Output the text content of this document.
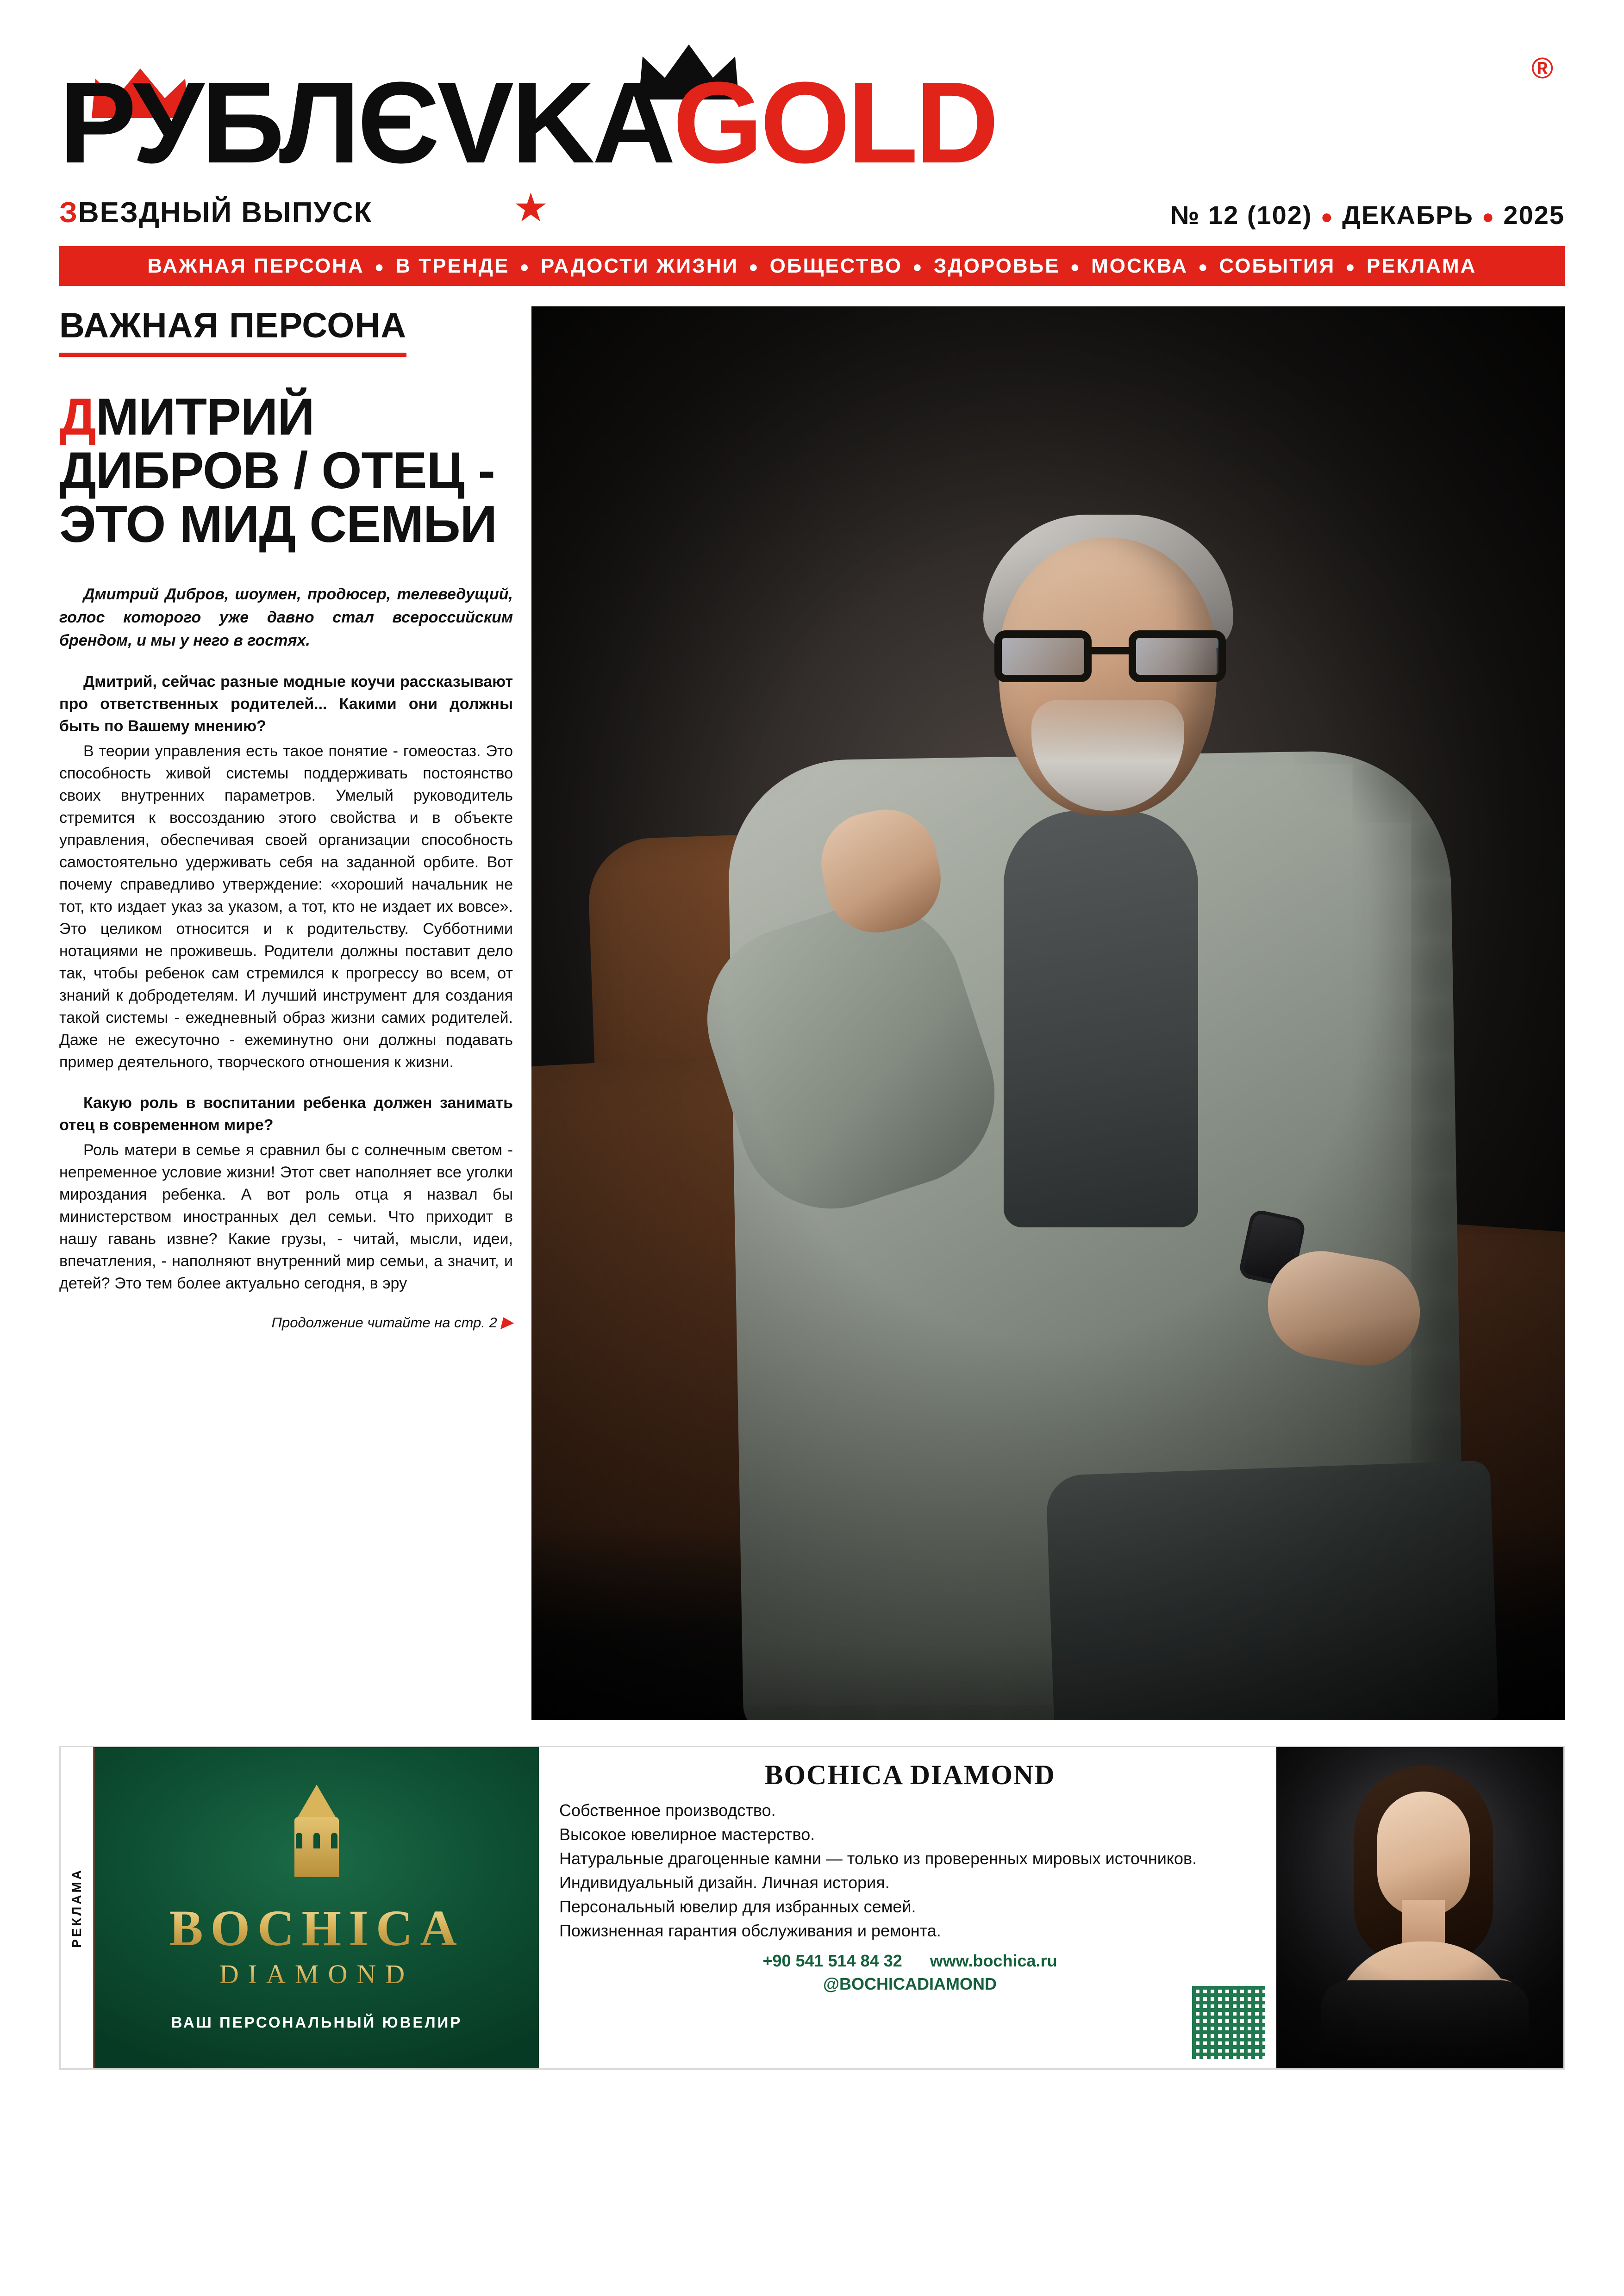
РУБЛЄVKAGOLD	®
ЗВЕЗДНЫЙ ВЫПУСК	★	№ 12 (102) ● ДЕКАБРЬ ● 2025
ВАЖНАЯ ПЕРСОНА ● В ТРЕНДЕ ● РАДОСТИ ЖИЗНИ ● ОБЩЕСТВО ● ЗДОРОВЬЕ ● МОСКВА ● СОБЫТИЯ ● РЕКЛАМА
ВАЖНАЯ ПЕРСОНА
ДМИТРИЙ ДИБРОВ / ОТЕЦ - ЭТО МИД СЕМЬИ
Дмитрий Дибров, шоумен, продюсер, телеведущий, голос которого уже давно стал всероссийским брендом, и мы у него в гостях.
Дмитрий, сейчас разные модные коучи рассказывают про ответственных родителей... Какими они должны быть по Вашему мнению?
В теории управления есть такое понятие - гомеостаз. Это способность живой системы поддерживать постоянство своих внутренних параметров. Умелый руководитель стремится к воссозданию этого свойства и в объекте управления, обеспечивая своей организации способность самостоятельно удерживать себя на заданной орбите. Вот почему справедливо утверждение: «хороший начальник не тот, кто издает указ за указом, а тот, кто не издает их вовсе». Это целиком относится и к родительству. Субботними нотациями не проживешь. Родители должны поставит дело так, чтобы ребенок сам стремился к прогрессу во всем, от знаний к добродетелям. И лучший инструмент для создания такой системы - ежедневный образ жизни самих родителей. Даже не ежесуточно - ежеминутно они должны подавать пример деятельного, творческого отношения к жизни.
Какую роль в воспитании ребенка должен занимать отец в современном мире?
Роль матери в семье я сравнил бы с солнечным светом - непременное условие жизни! Этот свет наполняет все уголки мироздания ребенка. А вот роль отца я назвал бы министерством иностранных дел семьи. Что приходит в нашу гавань извне? Какие грузы, - читай, мысли, идеи, впечатления, - наполняют внутренний мир семьи, а значит, и детей? Это тем более актуально сегодня, в эру
Продолжение читайте на стр. 2 ▶
РЕКЛАМА BOCHICA
DIAMOND
ВАШ ПЕРСОНАЛЬНЫЙ ЮВЕЛИР
BOCHICA DIAMOND
Собственное производство.
Высокое ювелирное мастерство.
Натуральные драгоценные камни — только из проверенных мировых источников.
Индивидуальный дизайн. Личная история.
Персональный ювелир для избранных семей.
Пожизненная гарантия обслуживания и ремонта.
+90 541 514 84 32 www.bochica.ru
@BOCHICADIAMOND
